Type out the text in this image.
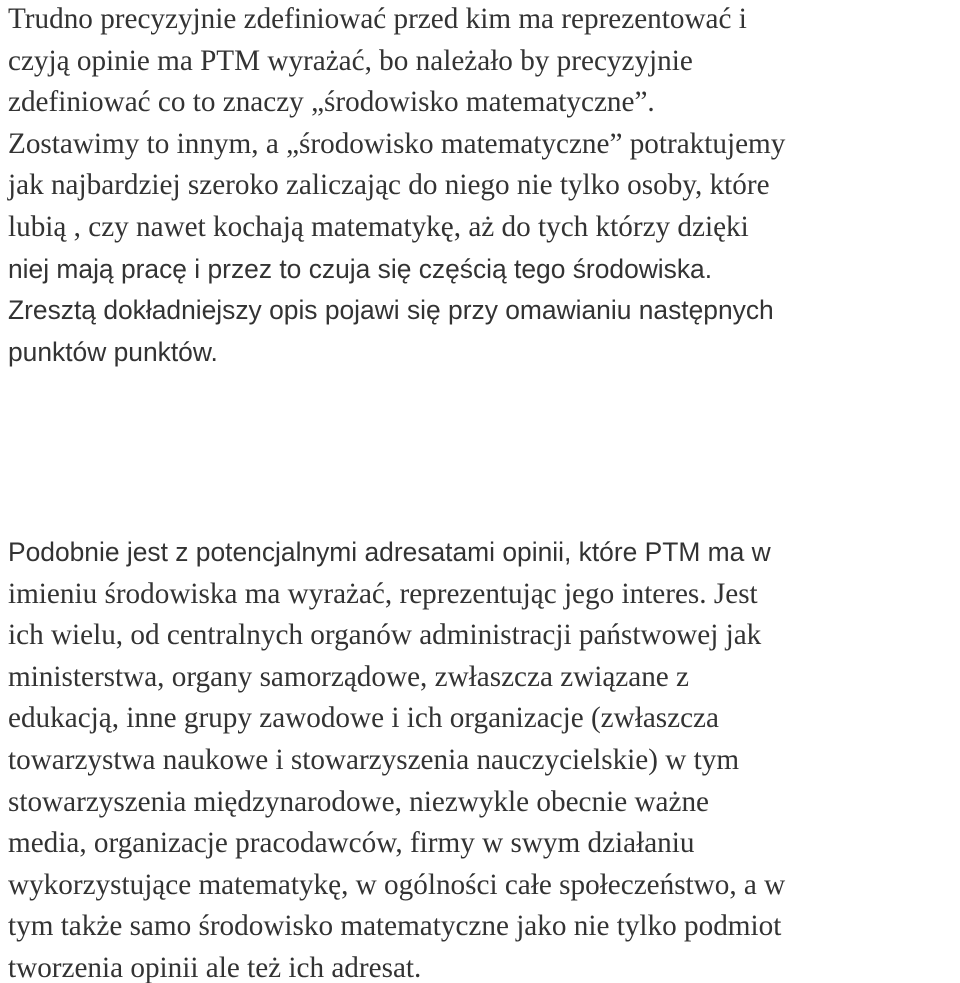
Trudno precyzyjnie zdefiniować przed kim ma reprezentować i
czyją opinie ma PTM wyrażać, bo należało by precyzyjnie
zdefiniować co to znaczy „środowisko matematyczne”.
Zostawimy to innym, a „środowisko matematyczne” potraktujemy
jak najbardziej szeroko zaliczając do niego nie tylko osoby, które
lubią , czy nawet kochają matematykę, aż do tych którzy dzięki
niej mają pracę i przez to czuja się częścią tego środowiska.
Zresztą dokładniejszy opis pojawi się przy omawianiu następnych
punktów punktów.
Podobnie jest z potencjalnymi adresatami opinii, które PTM ma w
imieniu środowiska ma wyrażać, reprezentując jego interes. Jest
ich wielu, od centralnych organów administracji państwowej jak
ministerstwa, organy samorządowe, zwłaszcza związane z
edukacją, inne grupy zawodowe i ich organizacje (zwłaszcza
towarzystwa naukowe i stowarzyszenia nauczycielskie) w tym
stowarzyszenia międzynarodowe, niezwykle obecnie ważne
media, organizacje pracodawców, firmy w swym działaniu
wykorzystujące matematykę, w ogólności całe społeczeństwo, a w
tym także samo środowisko matematyczne jako nie tylko podmiot
tworzenia opinii ale też ich adresat.
